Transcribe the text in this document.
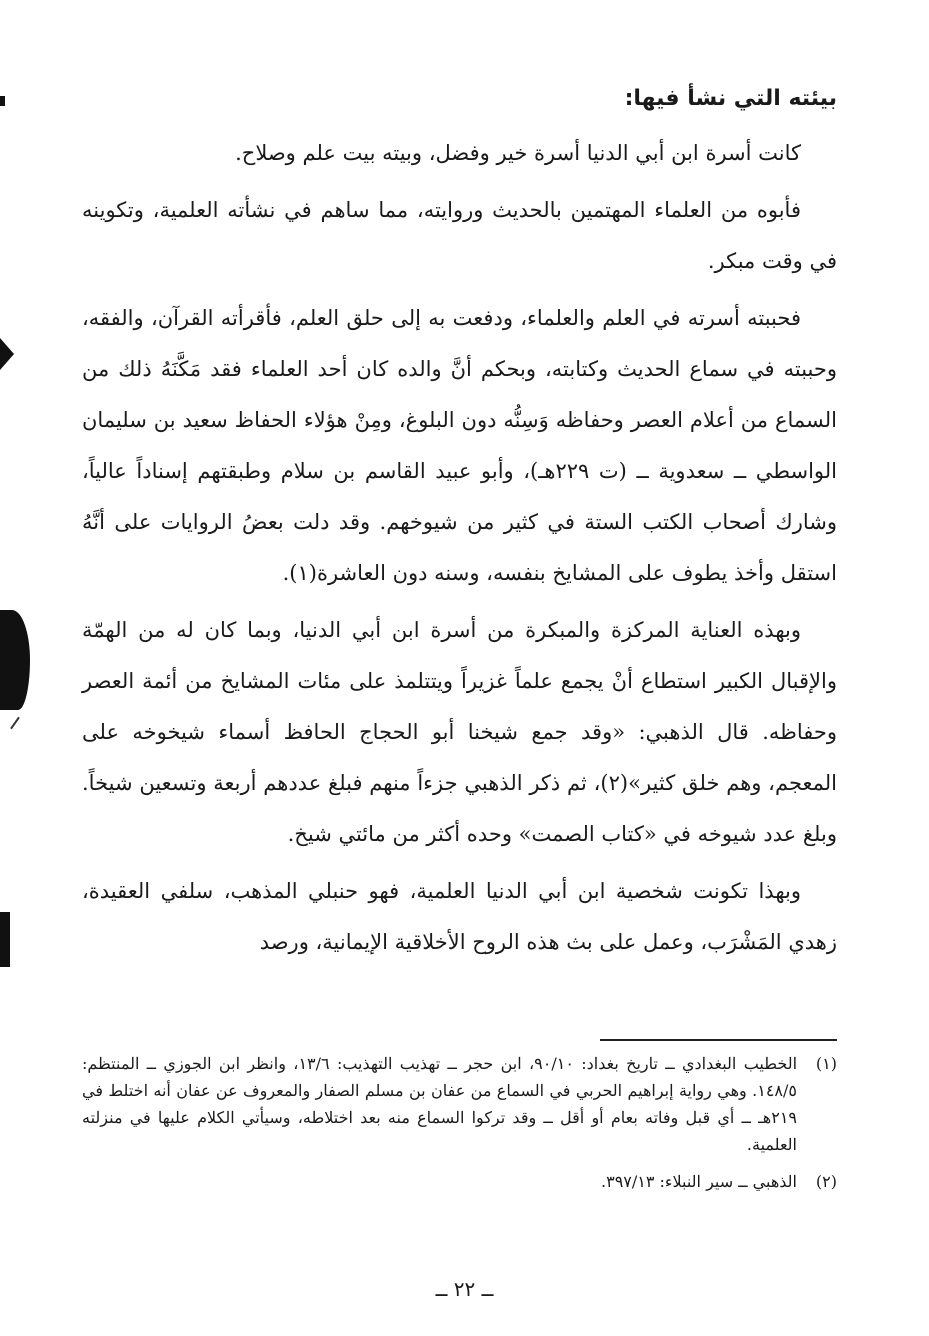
بيئته التي نشأ فيها:

كانت أسرة ابن أبي الدنيا أسرة خير وفضل، وبيته بيت علم وصلاح.

فأبوه من العلماء المهتمين بالحديث وروايته، مما ساهم في نشأته العلمية، وتكوينه في وقت مبكر.

فحببته أسرته في العلم والعلماء، ودفعت به إلى حلق العلم، فأقرأته القرآن، والفقه، وحببته في سماع الحديث وكتابته، وبحكم أنَّ والده كان أحد العلماء فقد مَكَّنَهُ ذلك من السماع من أعلام العصر وحفاظه وَسِنُّه دون البلوغ، ومِنْ هؤلاء الحفاظ سعيد بن سليمان الواسطي ــ سعدوية ــ (ت ٢٢٩هـ)، وأبو عبيد القاسم بن سلام وطبقتهم إسناداً عالياً، وشارك أصحاب الكتب الستة في كثير من شيوخهم. وقد دلت بعضُ الروايات على أنَّهُ استقل وأخذ يطوف على المشايخ بنفسه، وسنه دون العاشرة(١).

وبهذه العناية المركزة والمبكرة من أسرة ابن أبي الدنيا، وبما كان له من الهمّة والإقبال الكبير استطاع أنْ يجمع علماً غزيراً ويتتلمذ على مئات المشايخ من أئمة العصر وحفاظه. قال الذهبي: «وقد جمع شيخنا أبو الحجاج الحافظ أسماء شيخوخه على المعجم، وهم خلق كثير»(٢)، ثم ذكر الذهبي جزءاً منهم فبلغ عددهم أربعة وتسعين شيخاً. وبلغ عدد شيوخه في «كتاب الصمت» وحده أكثر من مائتي شيخ.

وبهذا تكونت شخصية ابن أبي الدنيا العلمية، فهو حنبلي المذهب، سلفي العقيدة، زهدي المَشْرَب، وعمل على بث هذه الروح الأخلاقية الإيمانية، ورصد

(١)
الخطيب البغدادي ــ تاريخ بغداد: ٩٠/١٠، ابن حجر ــ تهذيب التهذيب: ١٣/٦، وانظر ابن الجوزي ــ المنتظم: ١٤٨/٥. وهي رواية إبراهيم الحربي في السماع من عفان بن مسلم الصفار والمعروف عن عفان أنه اختلط في ٢١٩هـ ــ أي قبل وفاته بعام أو أقل ــ وقد تركوا السماع منه بعد اختلاطه، وسيأتي الكلام عليها في منزلته العلمية.
(٢)
الذهبي ــ سير النبلاء: ٣٩٧/١٣.
ــ ٢٢ ــ
